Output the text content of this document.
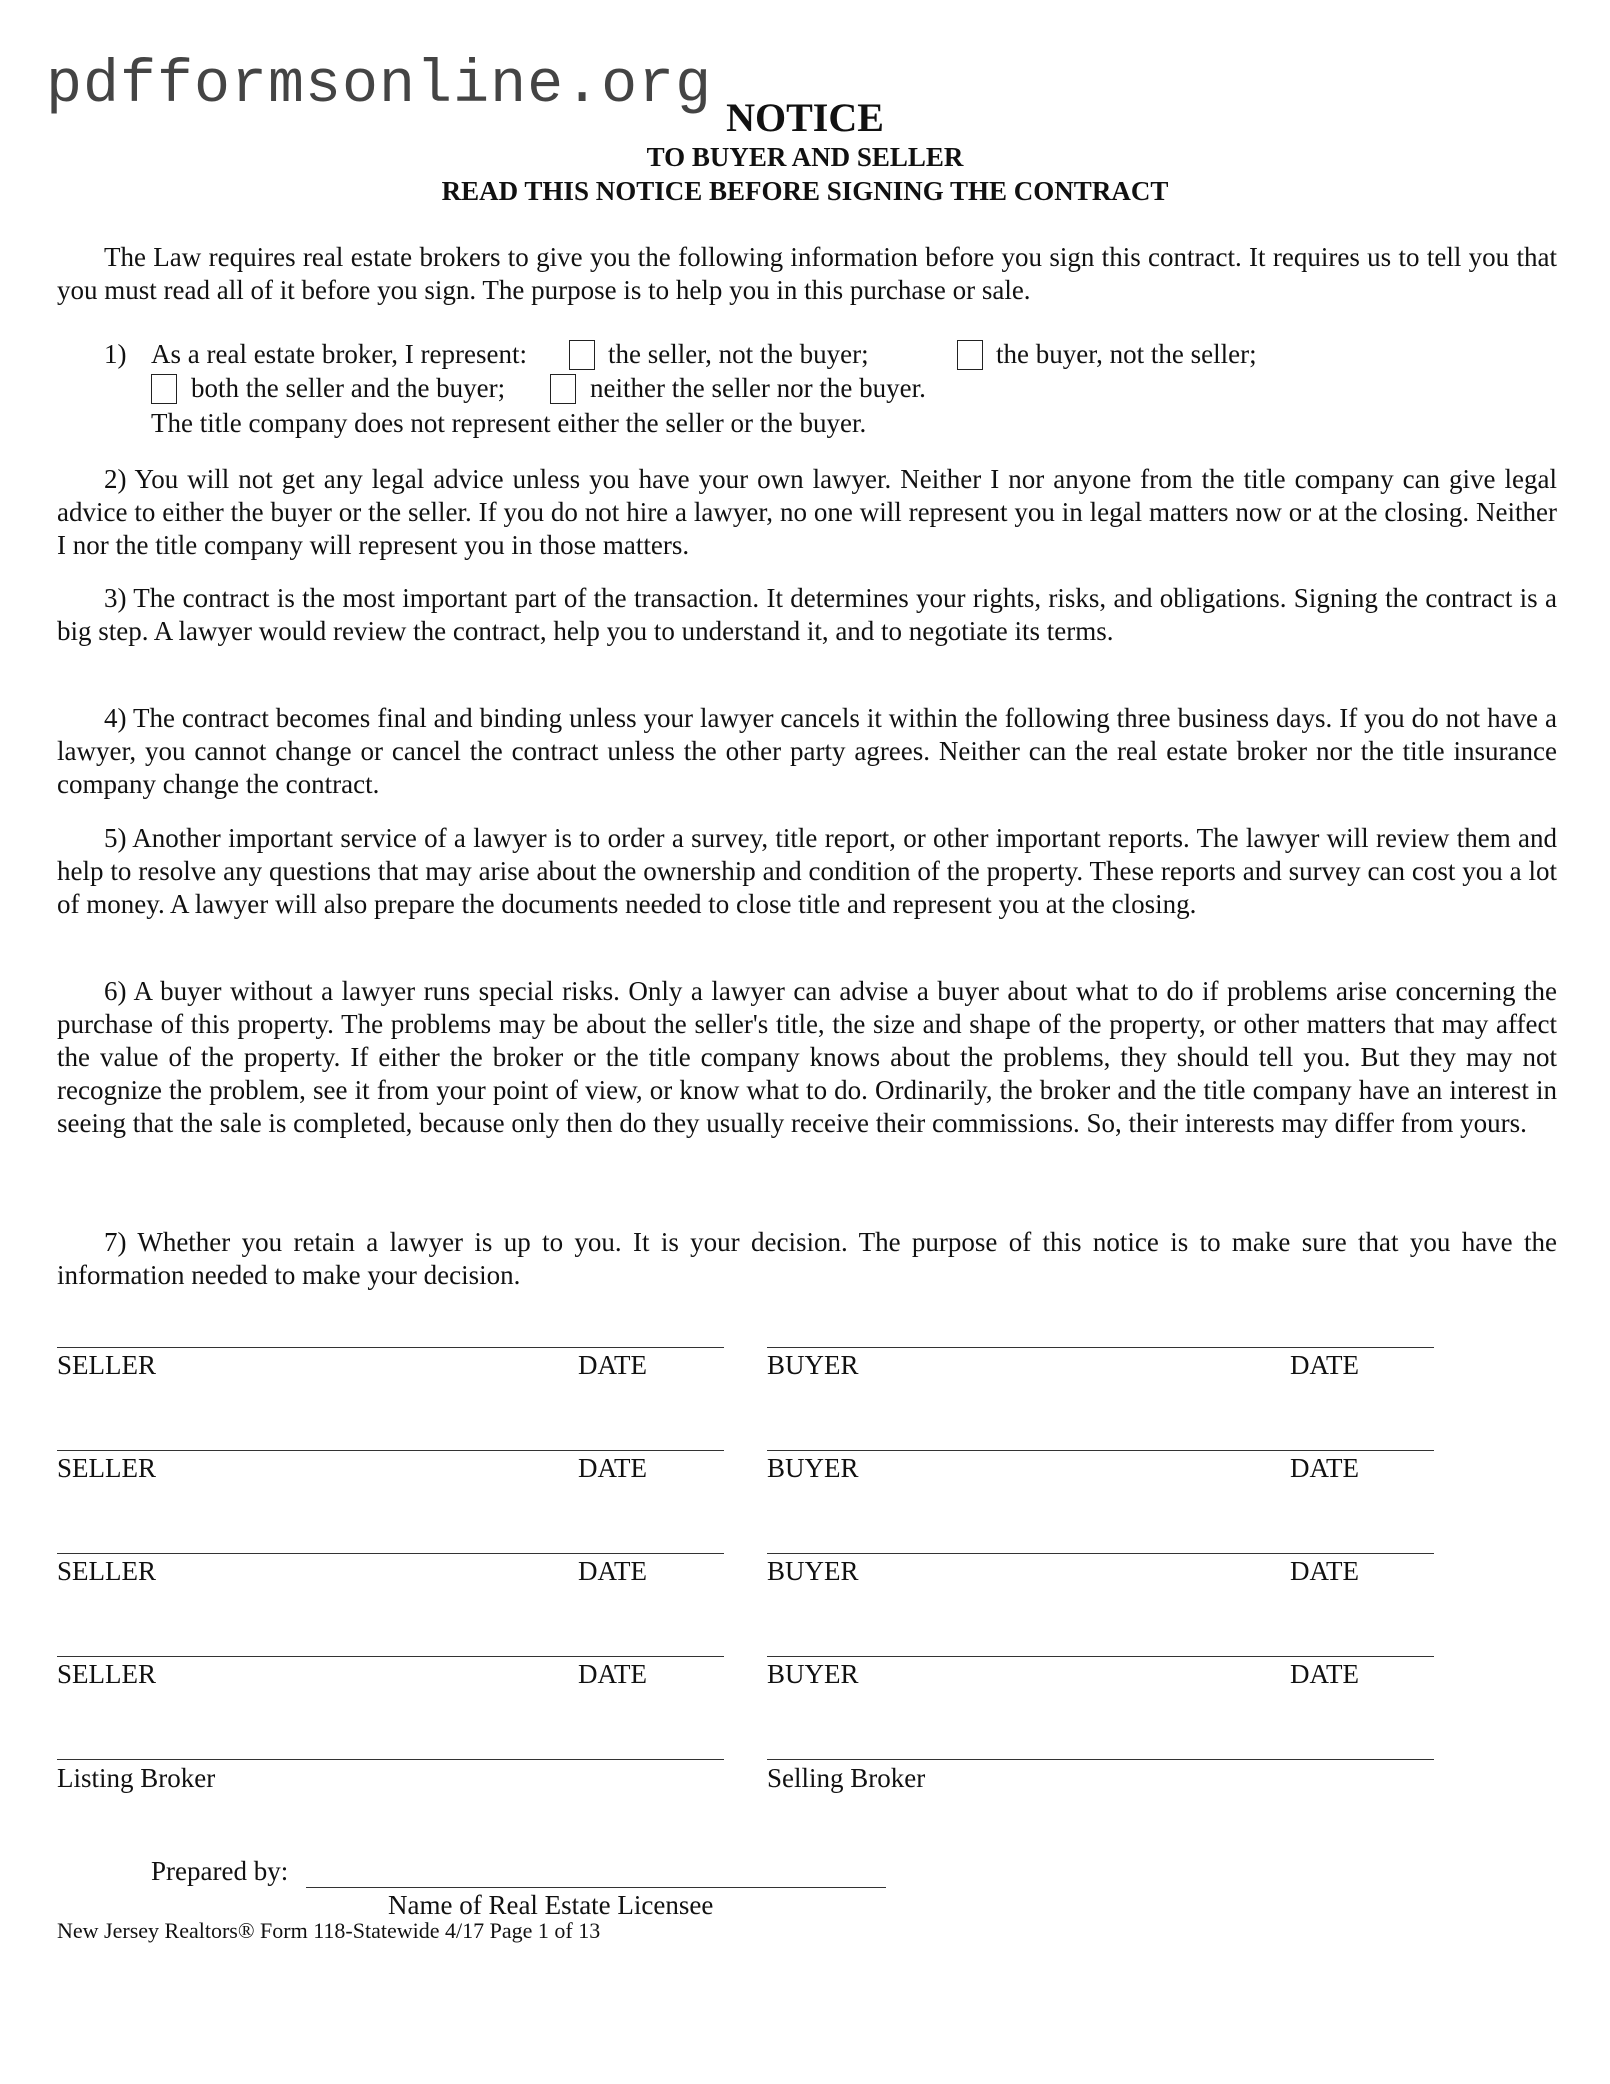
pdfformsonline.org NOTICE
TO BUYER AND SELLER
READ THIS NOTICE BEFORE SIGNING THE CONTRACT

The Law requires real estate brokers to give you the following information before you sign this contract. It requires us to tell you that you must read all of it before you sign. The purpose is to help you in this purchase or sale.

1) As a real estate broker, I represent:	the seller, not the buyer;	the buyer, not the seller;
both the seller and the buyer;	neither the seller nor the buyer.
The title company does not represent either the seller or the buyer.

2) You will not get any legal advice unless you have your own lawyer. Neither I nor anyone from the title company can give legal advice to either the buyer or the seller. If you do not hire a lawyer, no one will represent you in legal matters now or at the closing. Neither I nor the title company will represent you in those matters.

3) The contract is the most important part of the transaction. It determines your rights, risks, and obligations. Signing the contract is a big step. A lawyer would review the contract, help you to understand it, and to negotiate its terms.

4) The contract becomes final and binding unless your lawyer cancels it within the following three business days. If you do not have a lawyer, you cannot change or cancel the contract unless the other party agrees. Neither can the real estate broker nor the title insurance company change the contract.

5) Another important service of a lawyer is to order a survey, title report, or other important reports. The lawyer will review them and help to resolve any questions that may arise about the ownership and condition of the property. These reports and survey can cost you a lot of money. A lawyer will also prepare the documents needed to close title and represent you at the closing.

6) A buyer without a lawyer runs special risks. Only a lawyer can advise a buyer about what to do if problems arise concerning the purchase of this property. The problems may be about the seller's title, the size and shape of the property, or other matters that may affect the value of the property. If either the broker or the title company knows about the problems, they should tell you. But they may not recognize the problem, see it from your point of view, or know what to do. Ordinarily, the broker and the title company have an interest in seeing that the sale is completed, because only then do they usually receive their commissions. So, their interests may differ from yours.

7) Whether you retain a lawyer is up to you. It is your decision. The purpose of this notice is to make sure that you have the information needed to make your decision.

SELLER	DATE	BUYER	DATE
SELLER	DATE	BUYER	DATE
SELLER	DATE	BUYER	DATE
SELLER	DATE	BUYER	DATE
Listing Broker	Selling Broker
Prepared by:
Name of Real Estate Licensee
New Jersey Realtors® Form 118-Statewide 4/17 Page 1 of 13
